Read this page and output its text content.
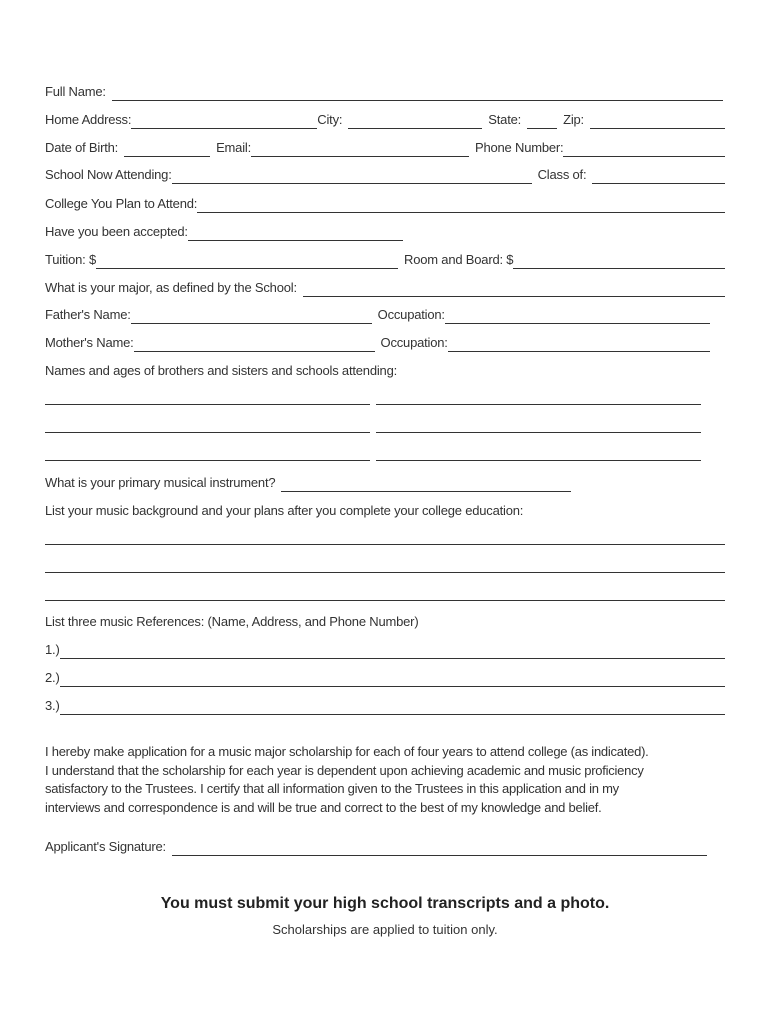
Full Name:
Home Address:	City:	State:	Zip:
Date of Birth:	Email:	Phone Number:
School Now Attending:	Class of:
College You Plan to Attend:
Have you been accepted:
Tuition: $	Room and Board: $
What is your major, as defined by the School:
Father's Name:	Occupation:
Mother's Name:	Occupation:
Names and ages of brothers and sisters and schools attending:
What is your primary musical instrument?
List your music background and your plans after you complete your college education:
List three music References: (Name, Address, and Phone Number)
1.)
2.)
3.)
I hereby make application for a music major scholarship for each of four years to attend college (as indicated).
I understand that the scholarship for each year is dependent upon achieving academic and music proficiency
satisfactory to the Trustees. I certify that all information given to the Trustees in this application and in my
interviews and correspondence is and will be true and correct to the best of my knowledge and belief.
Applicant's Signature:
You must submit your high school transcripts and a photo.
Scholarships are applied to tuition only.
